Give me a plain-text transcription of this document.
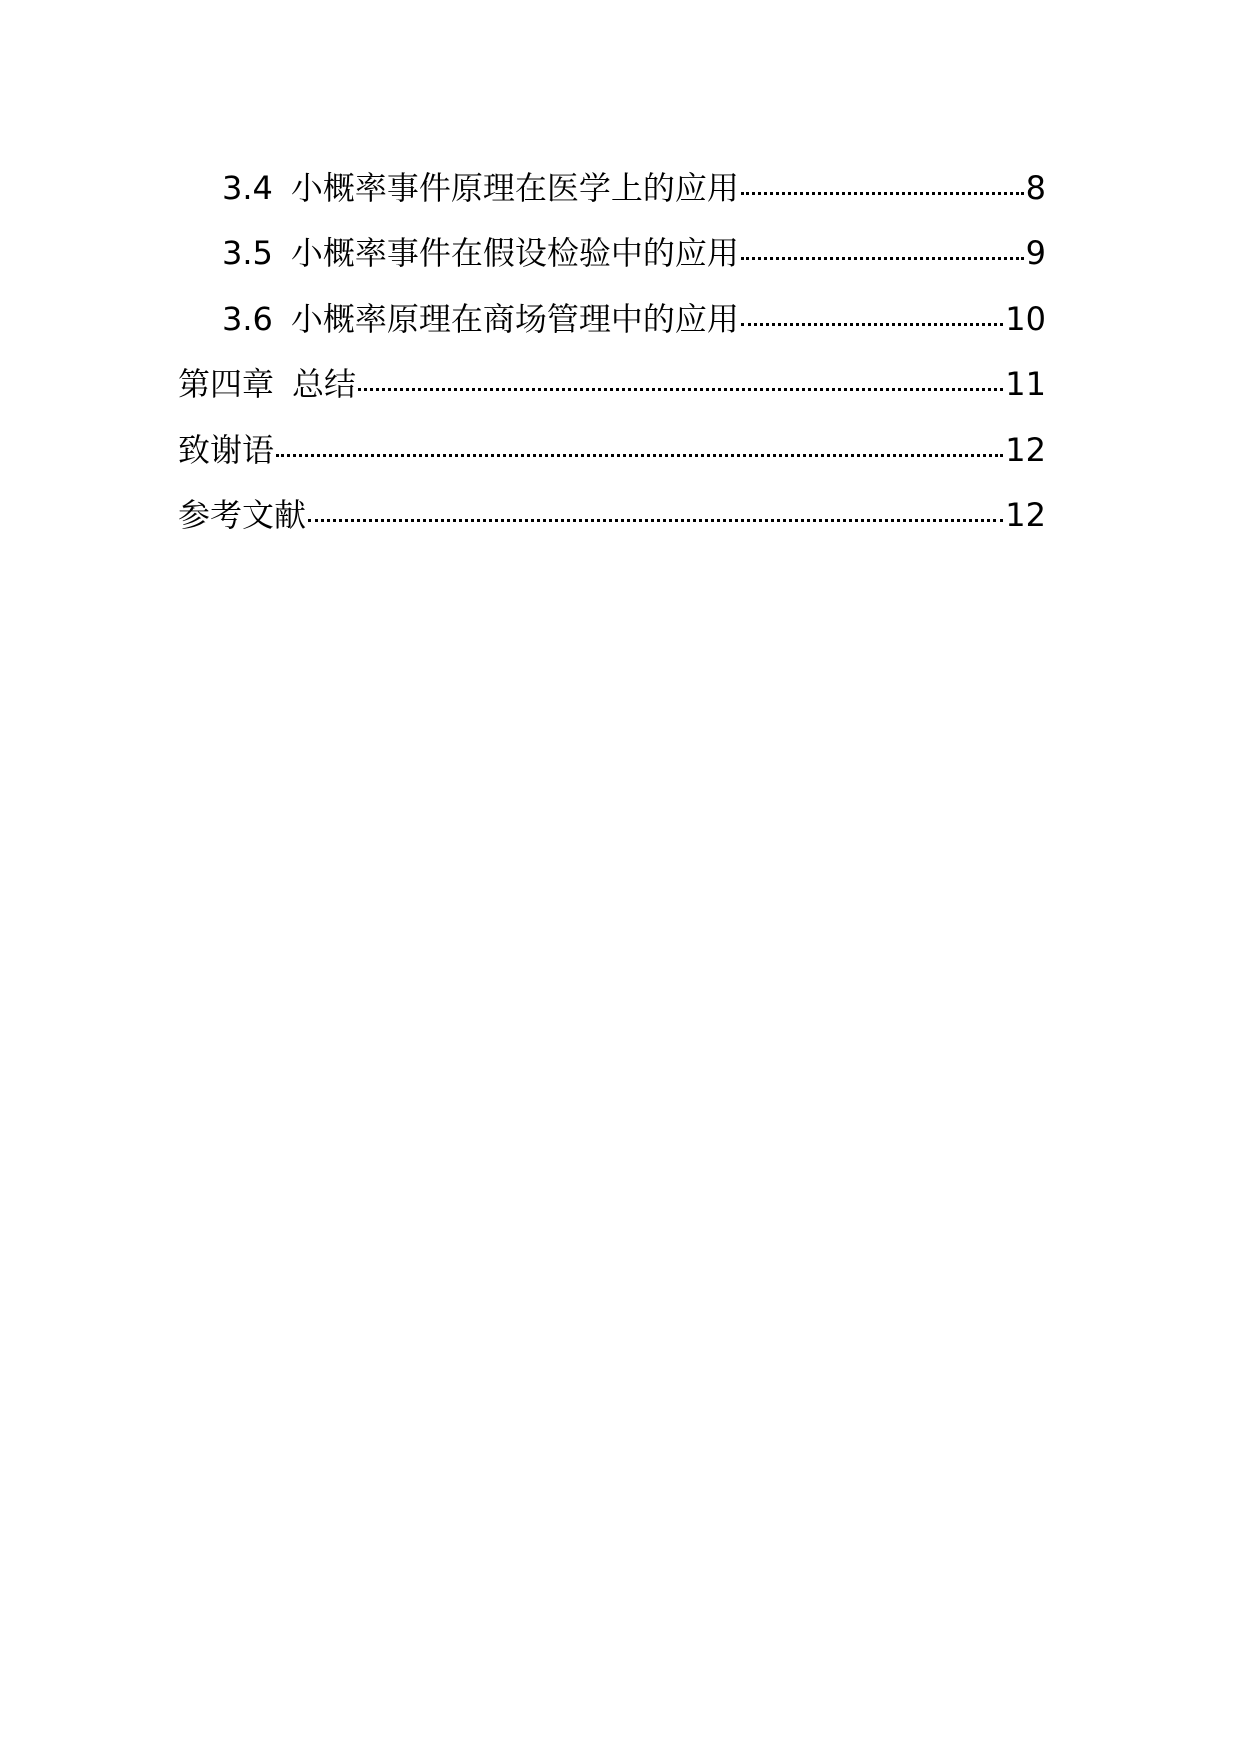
3.4 小概率事件原理在医学上的应用	8
3.5 小概率事件在假设检验中的应用	9
3.6 小概率原理在商场管理中的应用	10
第四章 总结	11
致谢语	12
参考文献	12
